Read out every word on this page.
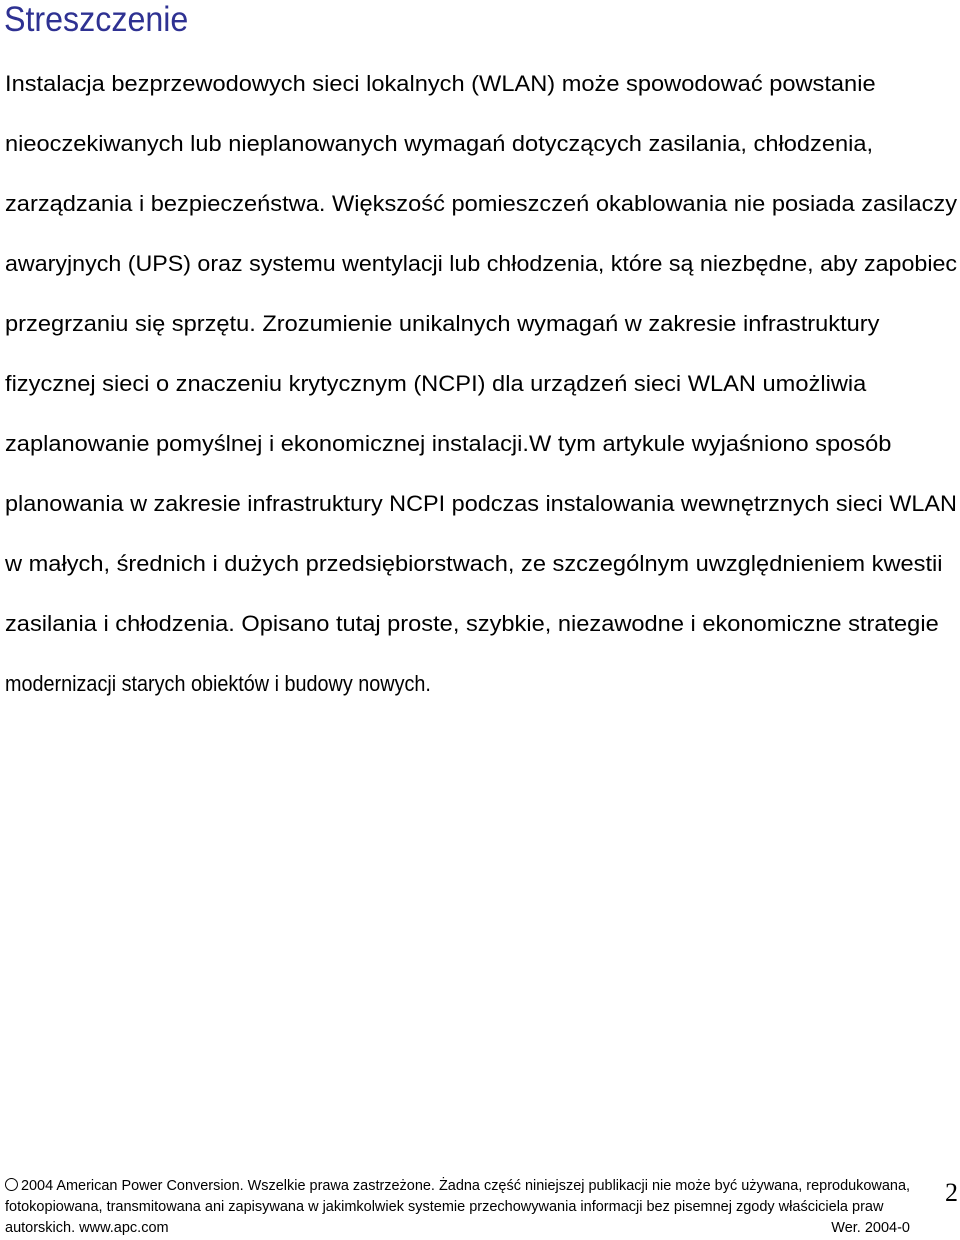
Streszczenie
Instalacja bezprzewodowych sieci lokalnych (WLAN) może spowodować powstanie
nieoczekiwanych lub nieplanowanych wymagań dotyczących zasilania, chłodzenia,
zarządzania i bezpieczeństwa. Większość pomieszczeń okablowania nie posiada zasilaczy
awaryjnych (UPS) oraz systemu wentylacji lub chłodzenia, które są niezbędne, aby zapobiec
przegrzaniu się sprzętu. Zrozumienie unikalnych wymagań w zakresie infrastruktury
fizycznej sieci o znaczeniu krytycznym (NCPI) dla urządzeń sieci WLAN umożliwia
zaplanowanie pomyślnej i ekonomicznej instalacji.W tym artykule wyjaśniono sposób
planowania w zakresie infrastruktury NCPI podczas instalowania wewnętrznych sieci WLAN
w małych, średnich i dużych przedsiębiorstwach, ze szczególnym uwzględnieniem kwestii
zasilania i chłodzenia. Opisano tutaj proste, szybkie, niezawodne i ekonomiczne strategie
modernizacji starych obiektów i budowy nowych.
2004 American Power Conversion. Wszelkie prawa zastrzeżone. Żadna część niniejszej publikacji nie może być używana, reprodukowana,
fotokopiowana, transmitowana ani zapisywana w jakimkolwiek systemie przechowywania informacji bez pisemnej zgody właściciela praw
autorskich. www.apc.com
2
Wer. 2004-0
